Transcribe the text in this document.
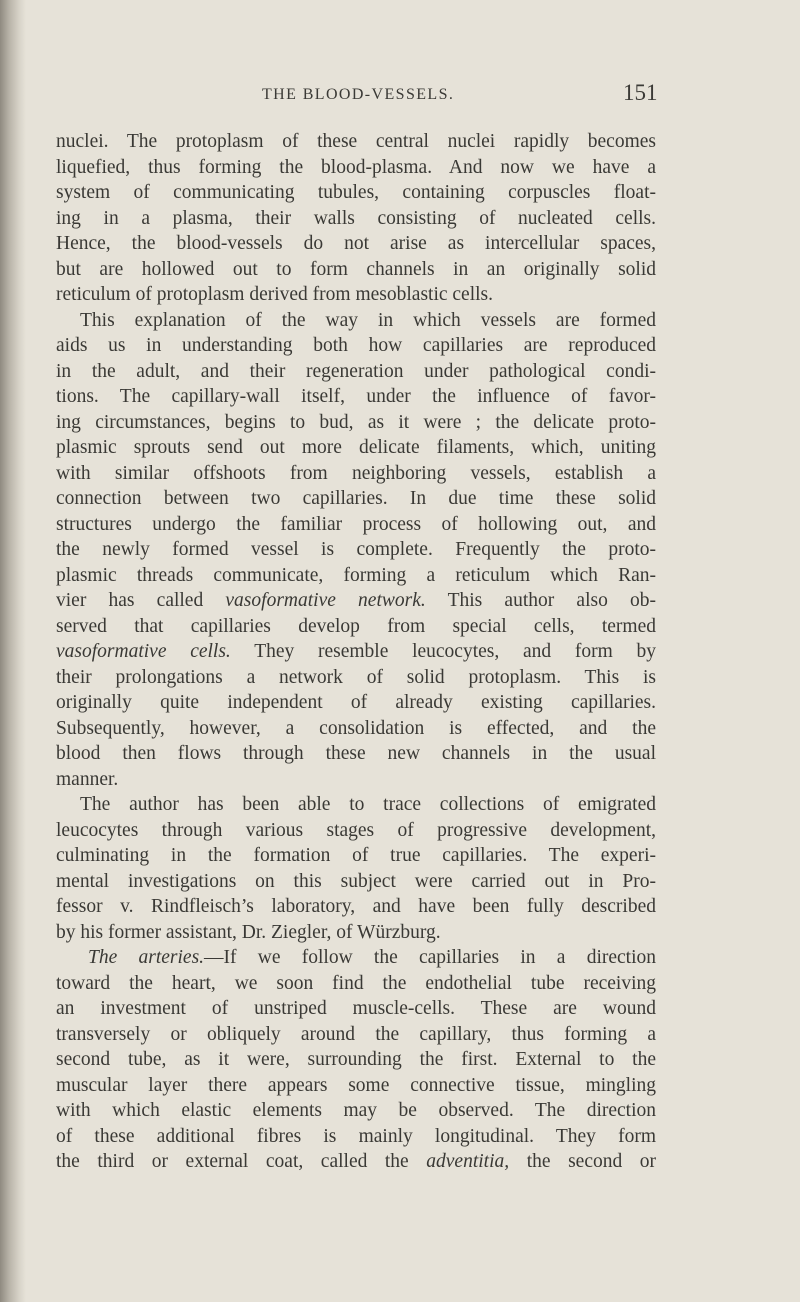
THE BLOOD-VESSELS.	151
nuclei. The protoplasm of these central nuclei rapidly becomes
liquefied, thus forming the blood-plasma. And now we have a
system of communicating tubules, containing corpuscles float-
ing in a plasma, their walls consisting of nucleated cells.
Hence, the blood-vessels do not arise as intercellular spaces,
but are hollowed out to form channels in an originally solid
reticulum of protoplasm derived from mesoblastic cells.
This explanation of the way in which vessels are formed
aids us in understanding both how capillaries are reproduced
in the adult, and their regeneration under pathological condi-
tions. The capillary-wall itself, under the influence of favor-
ing circumstances, begins to bud, as it were ; the delicate proto-
plasmic sprouts send out more delicate filaments, which, uniting
with similar offshoots from neighboring vessels, establish a
connection between two capillaries. In due time these solid
structures undergo the familiar process of hollowing out, and
the newly formed vessel is complete. Frequently the proto-
plasmic threads communicate, forming a reticulum which Ran-
vier has called vasoformative network. This author also ob-
served that capillaries develop from special cells, termed
vasoformative cells. They resemble leucocytes, and form by
their prolongations a network of solid protoplasm. This is
originally quite independent of already existing capillaries.
Subsequently, however, a consolidation is effected, and the
blood then flows through these new channels in the usual
manner.
The author has been able to trace collections of emigrated
leucocytes through various stages of progressive development,
culminating in the formation of true capillaries. The experi-
mental investigations on this subject were carried out in Pro-
fessor v. Rindfleisch’s laboratory, and have been fully described
by his former assistant, Dr. Ziegler, of Würzburg.
The arteries.—If we follow the capillaries in a direction
toward the heart, we soon find the endothelial tube receiving
an investment of unstriped muscle-cells. These are wound
transversely or obliquely around the capillary, thus forming a
second tube, as it were, surrounding the first. External to the
muscular layer there appears some connective tissue, mingling
with which elastic elements may be observed. The direction
of these additional fibres is mainly longitudinal. They form
the third or external coat, called the adventitia, the second or
